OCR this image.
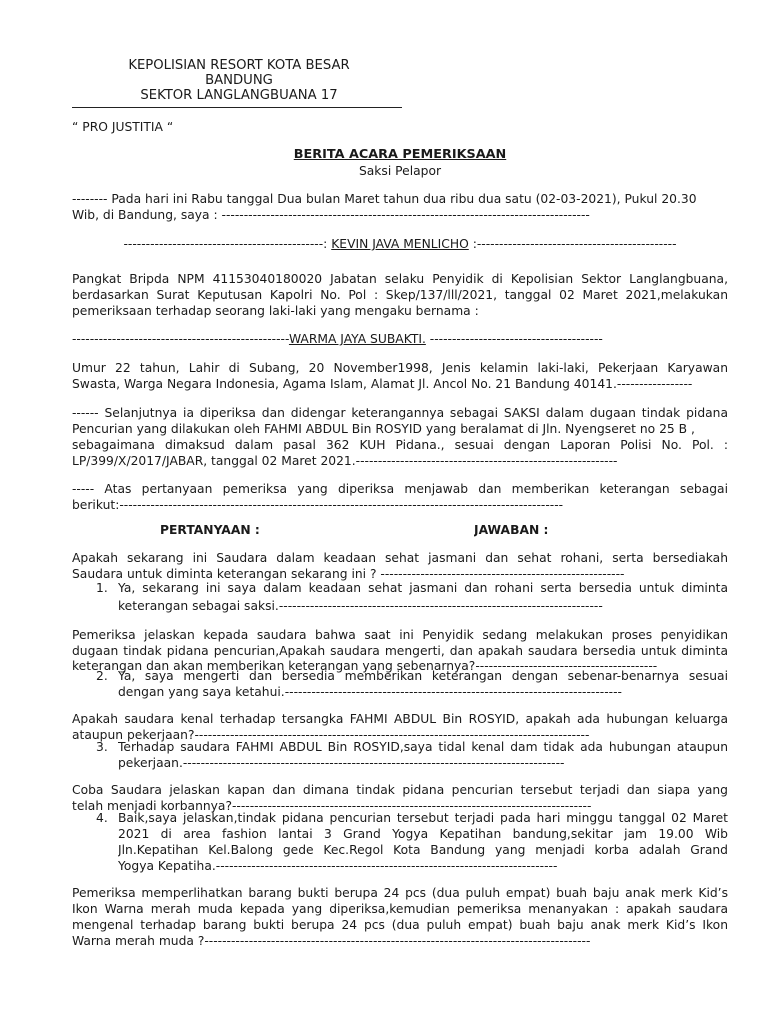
KEPOLISIAN RESORT KOTA BESAR
BANDUNG
SEKTOR LANGLANGBUANA 17
“ PRO JUSTITIA “
BERITA ACARA PEMERIKSAAN
Saksi Pelapor
-------- Pada hari ini Rabu tanggal Dua bulan Maret tahun dua ribu dua satu (02-03-2021), Pukul 20.30
Wib, di Bandung, saya : -----------------------------------------------------------------------------------
---------------------------------------------: KEVIN JAVA MENLICHO :---------------------------------------------
Pangkat Bripda NPM 41153040180020 Jabatan selaku Penyidik di Kepolisian Sektor Langlangbuana,
berdasarkan Surat Keputusan Kapolri No. Pol : Skep/137/lll/2021, tanggal 02 Maret 2021,melakukan
pemeriksaan terhadap seorang laki-laki yang mengaku bernama :
-------------------------------------------------WARMA JAYA SUBAKTI. ---------------------------------------
Umur 22 tahun, Lahir di Subang, 20 November1998, Jenis kelamin laki-laki, Pekerjaan Karyawan
Swasta, Warga Negara Indonesia, Agama Islam, Alamat Jl. Ancol No. 21 Bandung 40141.-----------------
------ Selanjutnya ia diperiksa dan didengar keterangannya sebagai SAKSI dalam dugaan tindak pidana
Pencurian yang dilakukan oleh FAHMI ABDUL Bin ROSYID yang beralamat di Jln. Nyengseret no 25 B ,
sebagaimana dimaksud dalam pasal 362 KUH Pidana., sesuai dengan Laporan Polisi No. Pol. :
LP/399/X/2017/JABAR, tanggal 02 Maret 2021.-----------------------------------------------------------
----- Atas pertanyaan pemeriksa yang diperiksa menjawab dan memberikan keterangan sebagai
berikut:----------------------------------------------------------------------------------------------------
PERTANYAAN :	JAWABAN :
Apakah sekarang ini Saudara dalam keadaan sehat jasmani dan sehat rohani, serta bersediakah
Saudara untuk diminta keterangan sekarang ini ? -------------------------------------------------------
1. Ya, sekarang ini saya dalam keadaan sehat jasmani dan rohani serta bersedia untuk diminta
keterangan sebagai saksi.-------------------------------------------------------------------------
Pemeriksa jelaskan kepada saudara bahwa saat ini Penyidik sedang melakukan proses penyidikan
dugaan tindak pidana pencurian,Apakah saudara mengerti, dan apakah saudara bersedia untuk diminta
keterangan dan akan memberikan keterangan yang sebenarnya?-----------------------------------------
2. Ya, saya mengerti dan bersedia memberikan keterangan dengan sebenar-benarnya sesuai
dengan yang saya ketahui.----------------------------------------------------------------------------
Apakah saudara kenal terhadap tersangka FAHMI ABDUL Bin ROSYID, apakah ada hubungan keluarga
ataupun pekerjaan?-----------------------------------------------------------------------------------------
3. Terhadap saudara FAHMI ABDUL Bin ROSYID,saya tidal kenal dam tidak ada hubungan ataupun
pekerjaan.--------------------------------------------------------------------------------------
Coba Saudara jelaskan kapan dan dimana tindak pidana pencurian tersebut terjadi dan siapa yang
telah menjadi korbannya?---------------------------------------------------------------------------------
4. Baik,saya jelaskan,tindak pidana pencurian tersebut terjadi pada hari minggu tanggal 02 Maret
2021 di area fashion lantai 3 Grand Yogya Kepatihan bandung,sekitar jam 19.00 Wib
Jln.Kepatihan Kel.Balong gede Kec.Regol Kota Bandung yang menjadi korba adalah Grand
Yogya Kepatiha.-----------------------------------------------------------------------------
Pemeriksa memperlihatkan barang bukti berupa 24 pcs (dua puluh empat) buah baju anak merk Kid’s
Ikon Warna merah muda kepada yang diperiksa,kemudian pemeriksa menanyakan : apakah saudara
mengenal terhadap barang bukti berupa 24 pcs (dua puluh empat) buah baju anak merk Kid’s Ikon
Warna merah muda ?---------------------------------------------------------------------------------------
